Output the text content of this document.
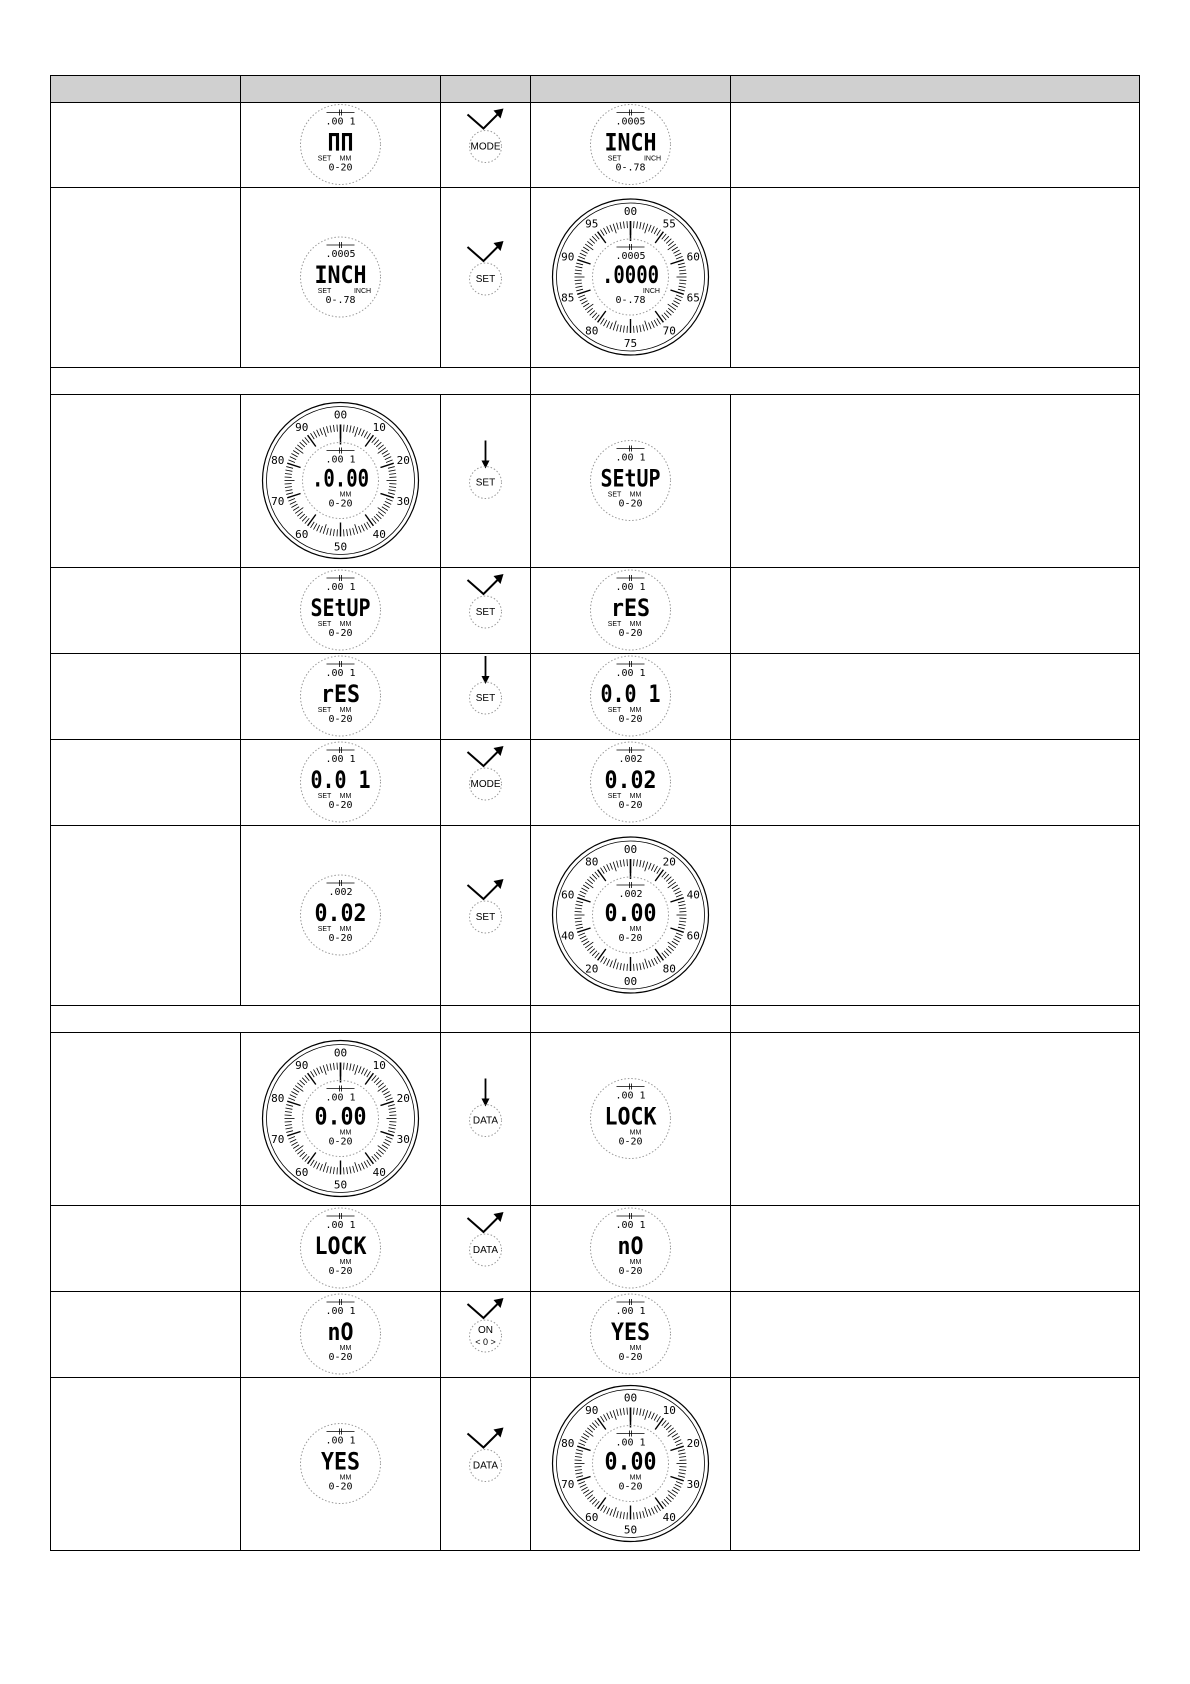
.00 1
ΠΠ
SET MM
0-20
MODE
.0005
INCH
SET	INCH
0-.78
.0005
INCH
SET	INCH
0-.78
SET
00
55
60
65
70
75
80
85
90
95
.0005
.0000
INCH
0-.78
00
10
20
30
40
50
60
70
80
90
.00 1
.0.00
MM
0-20
SET
.00 1
SEtUP
SET MM
0-20
.00 1
SEtUP
SET MM
0-20
SET
.00 1
rES
SET MM
0-20
.00 1
rES
SET MM
0-20
SET
.00 1
0.0 1
SET MM
0-20
.00 1
0.0 1
SET MM
0-20
MODE
.002
0.02
SET MM
0-20
.002
0.02
SET MM
0-20
SET
00
20
40
60
80
00
20
40
60
80
.002
0.00
MM
0-20
00
10
20
30
40
50
60
70
80
90
.00 1
0.00
MM
0-20
DATA
.00 1
LOCK
MM
0-20
.00 1
LOCK
MM
0-20
DATA
.00 1
nO
MM
0-20
.00 1
nO
MM
0-20
ON
< 0 >
.00 1
YES
MM
0-20
.00 1
YES
MM
0-20
DATA
00
10
20
30
40
50
60
70
80
90
.00 1
0.00
MM
0-20
